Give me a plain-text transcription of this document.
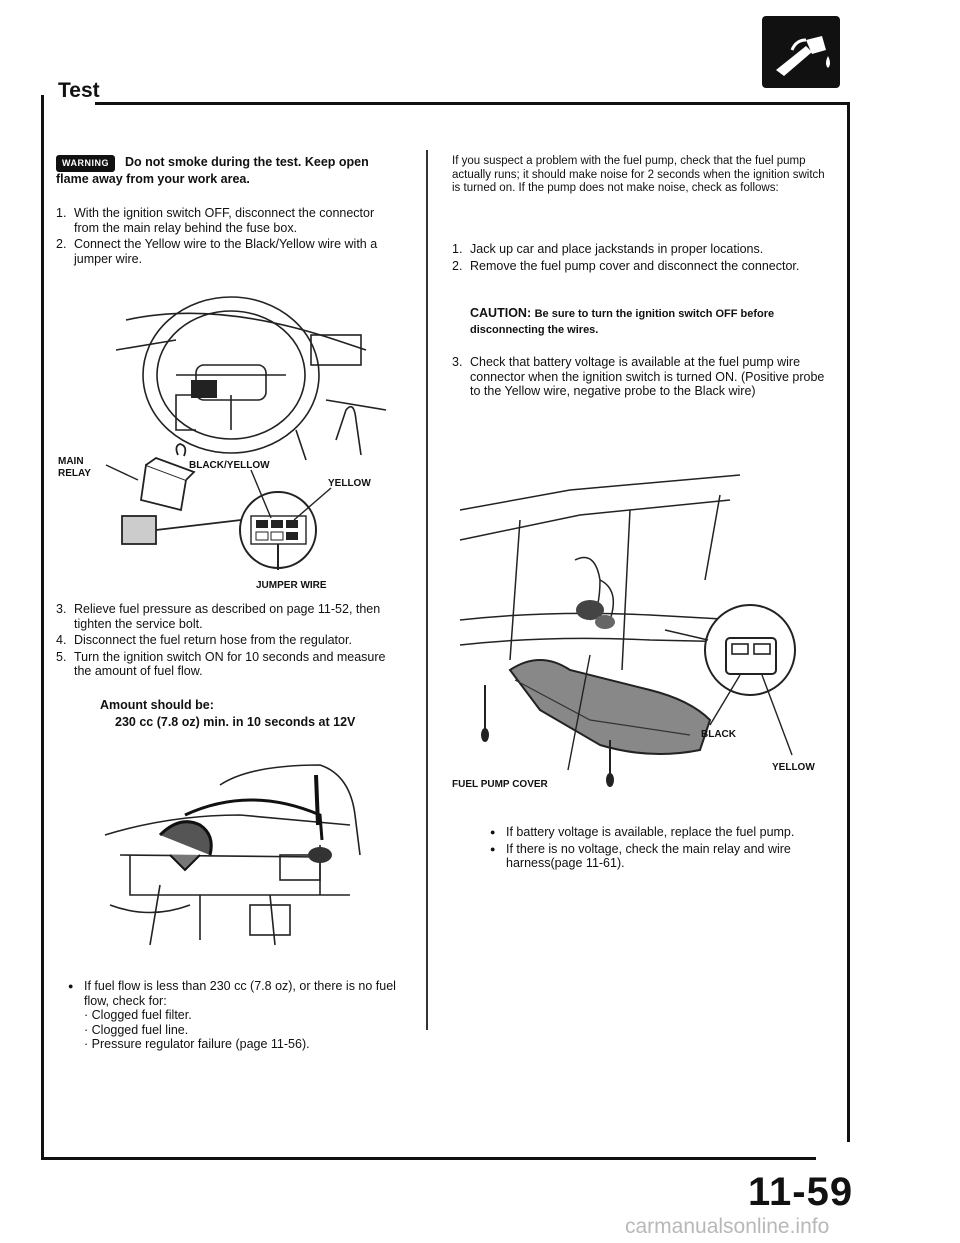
Test
WARNING Do not smoke during the test. Keep open flame away from your work area.
1. With the ignition switch OFF, disconnect the connector from the main relay behind the fuse box.
2. Connect the Yellow wire to the Black/Yellow wire with a jumper wire.
MAIN
RELAY
BLACK/YELLOW
YELLOW
JUMPER WIRE
3. Relieve fuel pressure as described on page 11-52, then tighten the service bolt.
4. Disconnect the fuel return hose from the regulator.
5. Turn the ignition switch ON for 10 seconds and measure the amount of fuel flow.
Amount should be:
230 cc (7.8 oz) min. in 10 seconds at 12V
● If fuel flow is less than 230 cc (7.8 oz), or there is no fuel flow, check for:
· Clogged fuel filter.
· Clogged fuel line.
· Pressure regulator failure (page 11-56).
If you suspect a problem with the fuel pump, check that the fuel pump actually runs; it should make noise for 2 seconds when the ignition switch is turned on. If the pump does not make noise, check as follows:
1. Jack up car and place jackstands in proper locations.
2. Remove the fuel pump cover and disconnect the connector.
CAUTION: Be sure to turn the ignition switch OFF before disconnecting the wires.
3. Check that battery voltage is available at the fuel pump wire connector when the ignition switch is turned ON. (Positive probe to the Yellow wire, negative probe to the Black wire)
BLACK
YELLOW
FUEL PUMP COVER
● If battery voltage is available, replace the fuel pump.
● If there is no voltage, check the main relay and wire harness(page 11-61).
11-59
carmanualsonline.info
